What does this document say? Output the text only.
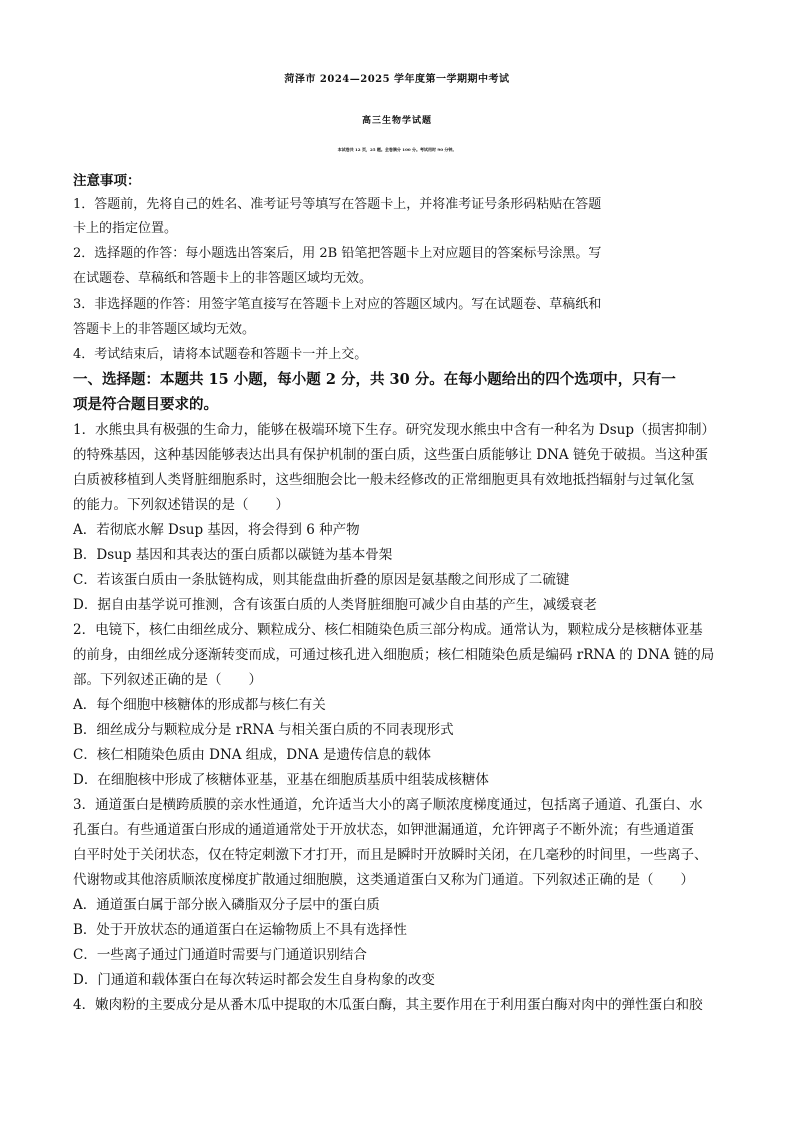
菏泽市 2024—2025 学年度第一学期期中考试
高三生物学试题
本试卷共 12 页，25 题。全卷满分 100 分。考试用时 90 分钟。
注意事项：
1．答题前，先将自己的姓名、准考证号等填写在答题卡上，并将准考证号条形码粘贴在答题
卡上的指定位置。
2．选择题的作答：每小题选出答案后，用 2B 铅笔把答题卡上对应题目的答案标号涂黑。写
在试题卷、草稿纸和答题卡上的非答题区域均无效。
3．非选择题的作答：用签字笔直接写在答题卡上对应的答题区域内。写在试题卷、草稿纸和
答题卡上的非答题区域均无效。
4．考试结束后，请将本试题卷和答题卡一并上交。
一、选择题：本题共 15 小题，每小题 2 分，共 30 分。在每小题给出的四个选项中，只有一
项是符合题目要求的。
1．水熊虫具有极强的生命力，能够在极端环境下生存。研究发现水熊虫中含有一种名为 Dsup（损害抑制）
的特殊基因，这种基因能够表达出具有保护机制的蛋白质，这些蛋白质能够让 DNA 链免于破损。当这种蛋
白质被移植到人类肾脏细胞系时，这些细胞会比一般未经修改的正常细胞更具有效地抵挡辐射与过氧化氢
的能力。下列叙述错误的是（　　）
A．若彻底水解 Dsup 基因，将会得到 6 种产物
B．Dsup 基因和其表达的蛋白质都以碳链为基本骨架
C．若该蛋白质由一条肽链构成，则其能盘曲折叠的原因是氨基酸之间形成了二硫键
D．据自由基学说可推测，含有该蛋白质的人类肾脏细胞可减少自由基的产生，减缓衰老
2．电镜下，核仁由细丝成分、颗粒成分、核仁相随染色质三部分构成。通常认为，颗粒成分是核糖体亚基
的前身，由细丝成分逐渐转变而成，可通过核孔进入细胞质；核仁相随染色质是编码 rRNA 的 DNA 链的局
部。下列叙述正确的是（　　）
A．每个细胞中核糖体的形成都与核仁有关
B．细丝成分与颗粒成分是 rRNA 与相关蛋白质的不同表现形式
C．核仁相随染色质由 DNA 组成，DNA 是遗传信息的载体
D．在细胞核中形成了核糖体亚基，亚基在细胞质基质中组装成核糖体
3．通道蛋白是横跨质膜的亲水性通道，允许适当大小的离子顺浓度梯度通过，包括离子通道、孔蛋白、水
孔蛋白。有些通道蛋白形成的通道通常处于开放状态，如钾泄漏通道，允许钾离子不断外流；有些通道蛋
白平时处于关闭状态，仅在特定刺激下才打开，而且是瞬时开放瞬时关闭，在几毫秒的时间里，一些离子、
代谢物或其他溶质顺浓度梯度扩散通过细胞膜，这类通道蛋白又称为门通道。下列叙述正确的是（　　）
A．通道蛋白属于部分嵌入磷脂双分子层中的蛋白质
B．处于开放状态的通道蛋白在运输物质上不具有选择性
C．一些离子通过门通道时需要与门通道识别结合
D．门通道和载体蛋白在每次转运时都会发生自身构象的改变
4．嫩肉粉的主要成分是从番木瓜中提取的木瓜蛋白酶，其主要作用在于利用蛋白酶对肉中的弹性蛋白和胶
